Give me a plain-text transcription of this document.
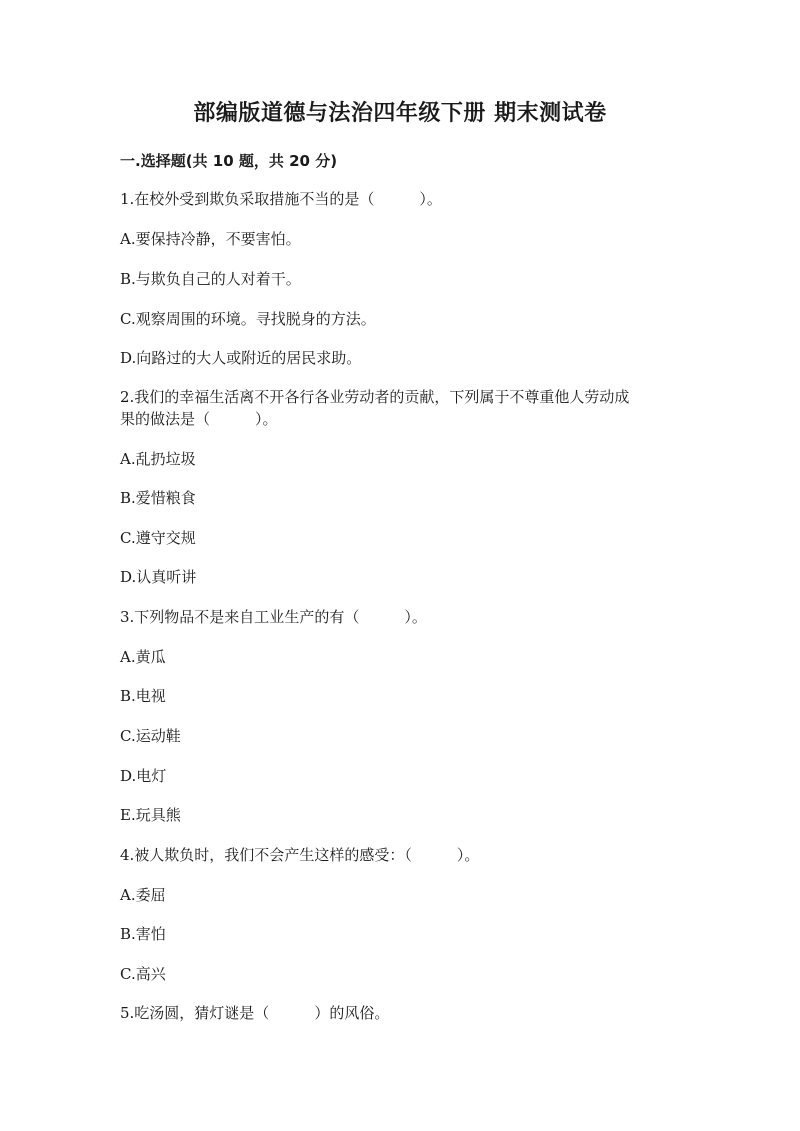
部编版道德与法治四年级下册 期末测试卷
一.选择题(共 10 题，共 20 分)
1.在校外受到欺负采取措施不当的是（　　　）。
A.要保持冷静，不要害怕。
B.与欺负自己的人对着干。
C.观察周围的环境。寻找脱身的方法。
D.向路过的大人或附近的居民求助。
2.我们的幸福生活离不开各行各业劳动者的贡献，下列属于不尊重他人劳动成
果的做法是（　　　）。
A.乱扔垃圾
B.爱惜粮食
C.遵守交规
D.认真听讲
3.下列物品不是来自工业生产的有（　　　）。
A.黄瓜
B.电视
C.运动鞋
D.电灯
E.玩具熊
4.被人欺负时，我们不会产生这样的感受：（　　　）。
A.委屈
B.害怕
C.高兴
5.吃汤圆，猜灯谜是（　　　）的风俗。
